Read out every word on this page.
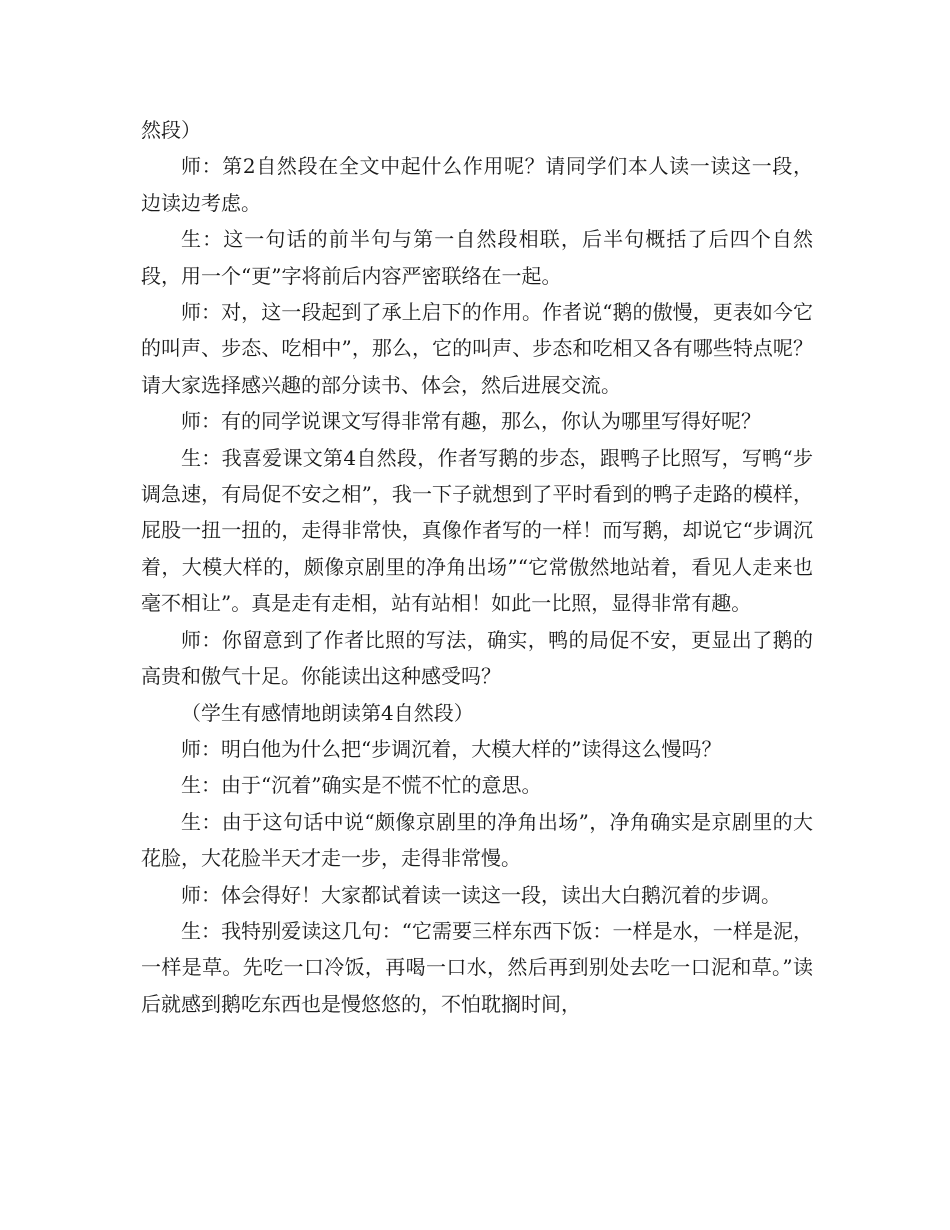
然段）

师：第2自然段在全文中起什么作用呢？请同学们本人读一读这一段，边读边考虑。

生：这一句话的前半句与第一自然段相联，后半句概括了后四个自然段，用一个“更”字将前后内容严密联络在一起。

师：对，这一段起到了承上启下的作用。作者说“鹅的傲慢，更表如今它的叫声、步态、吃相中”，那么，它的叫声、步态和吃相又各有哪些特点呢？请大家选择感兴趣的部分读书、体会，然后进展交流。

师：有的同学说课文写得非常有趣，那么，你认为哪里写得好呢？

生：我喜爱课文第4自然段，作者写鹅的步态，跟鸭子比照写，写鸭“步调急速，有局促不安之相”，我一下子就想到了平时看到的鸭子走路的模样，屁股一扭一扭的，走得非常快，真像作者写的一样！而写鹅，却说它“步调沉着，大模大样的，颇像京剧里的净角出场”“它常傲然地站着，看见人走来也毫不相让”。真是走有走相，站有站相！如此一比照，显得非常有趣。

师：你留意到了作者比照的写法，确实，鸭的局促不安，更显出了鹅的高贵和傲气十足。你能读出这种感受吗？

（学生有感情地朗读第4自然段）

师：明白他为什么把“步调沉着，大模大样的”读得这么慢吗？

生：由于“沉着”确实是不慌不忙的意思。

生：由于这句话中说“颇像京剧里的净角出场”，净角确实是京剧里的大花脸，大花脸半天才走一步，走得非常慢。

师：体会得好！大家都试着读一读这一段，读出大白鹅沉着的步调。

生：我特别爱读这几句：“它需要三样东西下饭：一样是水，一样是泥，一样是草。先吃一口冷饭，再喝一口水，然后再到别处去吃一口泥和草。”读后就感到鹅吃东西也是慢悠悠的，不怕耽搁时间，
